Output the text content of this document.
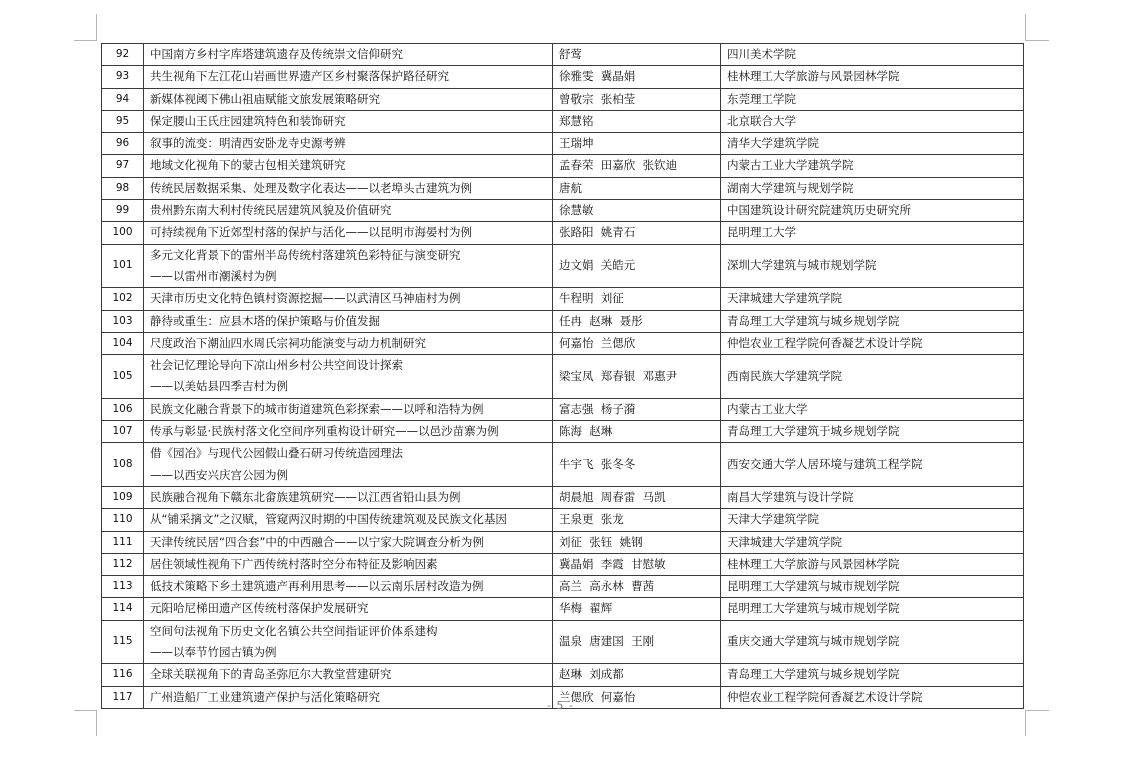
92	中国南方乡村字库塔建筑遗存及传统崇文信仰研究	舒莺	四川美术学院
93	共生视角下左江花山岩画世界遗产区乡村聚落保护路径研究	徐雅雯  冀晶娟	桂林理工大学旅游与风景园林学院
94	新媒体视阈下佛山祖庙赋能文旅发展策略研究	曾敬宗  张柏莹	东莞理工学院
95	保定腰山王氏庄园建筑特色和装饰研究	郑慧铭	北京联合大学
96	叙事的流变：明清西安卧龙寺史源考辨	王瑞坤	清华大学建筑学院
97	地域文化视角下的蒙古包相关建筑研究	孟春荣  田嘉欣  张钦迪	内蒙古工业大学建筑学院
98	传统民居数据采集、处理及数字化表达——以老埠头古建筑为例	唐航	湖南大学建筑与规划学院
99	贵州黔东南大利村传统民居建筑风貌及价值研究	徐慧敏	中国建筑设计研究院建筑历史研究所
100	可持续视角下近郊型村落的保护与活化——以昆明市海晏村为例	张路阳  姚青石	昆明理工大学
101	多元文化背景下的雷州半岛传统村落建筑色彩特征与演变研究
——以雷州市潮溪村为例	边文娟  关皓元	深圳大学建筑与城市规划学院
102	天津市历史文化特色镇村资源挖掘——以武清区马神庙村为例	牛程明  刘征	天津城建大学建筑学院
103	静待或重生：应县木塔的保护策略与价值发掘	任冉  赵琳  聂彤	青岛理工大学建筑与城乡规划学院
104	尺度政治下潮汕四水周氏宗祠功能演变与动力机制研究	何嘉怡  兰偲欣	仲恺农业工程学院何香凝艺术设计学院
105	社会记忆理论导向下凉山州乡村公共空间设计探索
——以美姑县四季吉村为例	梁宝凤  郑春银  邓惠尹	西南民族大学建筑学院
106	民族文化融合背景下的城市街道建筑色彩探索——以呼和浩特为例	富志强  杨子漪	内蒙古工业大学
107	传承与彰显·民族村落文化空间序列重构设计研究——以邑沙苗寨为例	陈海  赵琳	青岛理工大学建筑于城乡规划学院
108	借《园冶》与现代公园假山叠石研习传统造园理法
——以西安兴庆宫公园为例	牛宇飞  张冬冬	西安交通大学人居环境与建筑工程学院
109	民族融合视角下赣东北畲族建筑研究——以江西省铅山县为例	胡晨旭  周春雷  马凯	南昌大学建筑与设计学院
110	从“铺采摛文”之汉赋，管窥两汉时期的中国传统建筑观及民族文化基因	王泉更  张龙	天津大学建筑学院
111	天津传统民居“四合套”中的中西融合——以宁家大院调查分析为例	刘征  张钰  姚钢	天津城建大学建筑学院
112	居住领域性视角下广西传统村落时空分布特征及影响因素	冀晶娟  李霞  甘慰敏	桂林理工大学旅游与风景园林学院
113	低技术策略下乡土建筑遗产再利用思考——以云南乐居村改造为例	高兰  高永林  曹茜	昆明理工大学建筑与城市规划学院
114	元阳哈尼梯田遗产区传统村落保护发展研究	华梅  翟辉	昆明理工大学建筑与城市规划学院
115	空间句法视角下历史文化名镇公共空间指证评价体系建构
——以奉节竹园古镇为例	温泉  唐建国  王刚	重庆交通大学建筑与城市规划学院
116	全球关联视角下的青岛圣弥厄尔大教堂营建研究	赵琳  刘成都	青岛理工大学建筑与城乡规划学院
117	广州造船厂工业建筑遗产保护与活化策略研究	兰偲欣  何嘉怡	仲恺农业工程学院何香凝艺术设计学院
- 5 -
